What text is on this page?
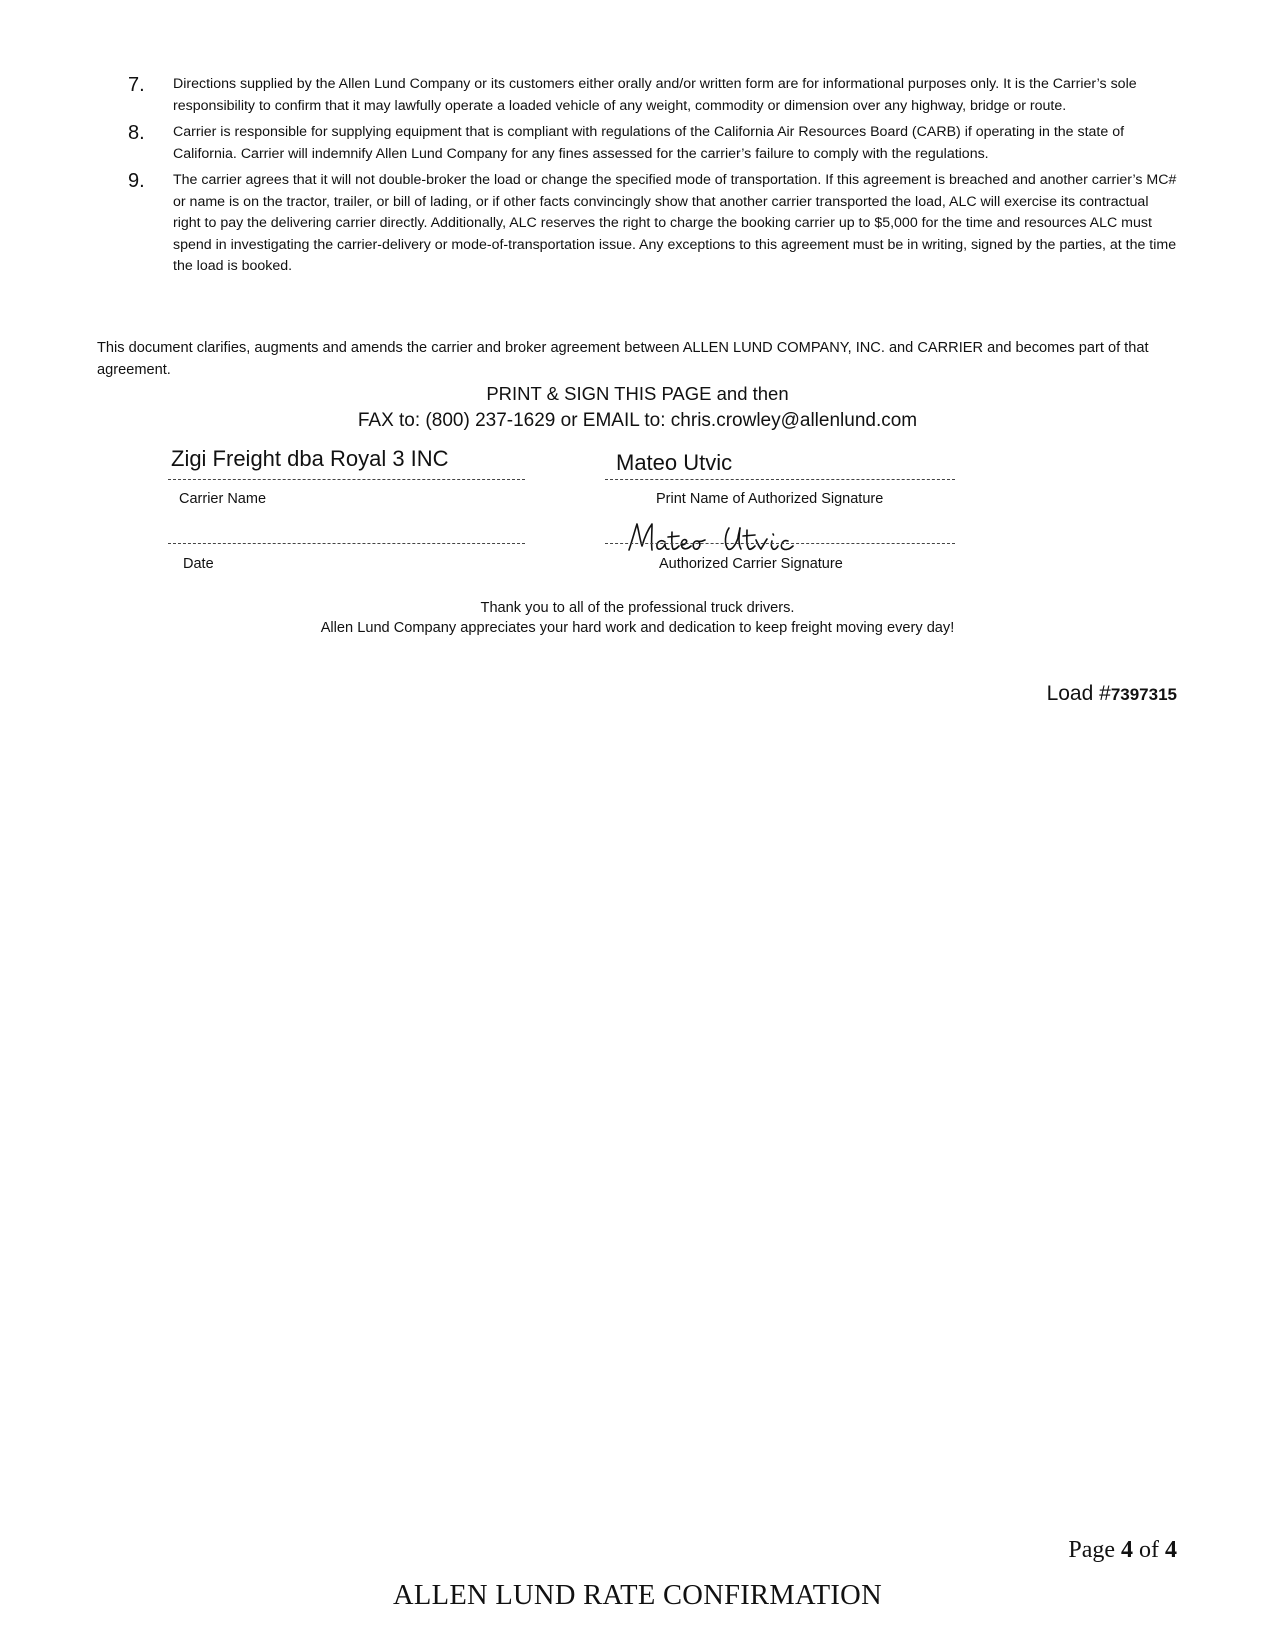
7.	Directions supplied by the Allen Lund Company or its customers either orally and/or written form are for informational purposes only. It is the Carrier’s sole responsibility to confirm that it may lawfully operate a loaded vehicle of any weight, commodity or dimension over any highway, bridge or route.

8.	Carrier is responsible for supplying equipment that is compliant with regulations of the California Air Resources Board (CARB) if operating in the state of California. Carrier will indemnify Allen Lund Company for any fines assessed for the carrier’s failure to comply with the regulations.

9.	The carrier agrees that it will not double-broker the load or change the specified mode of transportation. If this agreement is breached and another carrier’s MC# or name is on the tractor, trailer, or bill of lading, or if other facts convincingly show that another carrier transported the load, ALC will exercise its contractual right to pay the delivering carrier directly. Additionally, ALC reserves the right to charge the booking carrier up to $5,000 for the time and resources ALC must spend in investigating the carrier-delivery or mode-of-transportation issue. Any exceptions to this agreement must be in writing, signed by the parties, at the time the load is booked.

This document clarifies, augments and amends the carrier and broker agreement between ALLEN LUND COMPANY, INC. and CARRIER and becomes part of that agreement.

PRINT & SIGN THIS PAGE and then
FAX to: (800) 237-1629 or EMAIL to: chris.crowley@allenlund.com
Zigi Freight dba Royal 3 INC
Carrier Name
Mateo Utvic
Print Name of Authorized Signature
Date	Authorized Carrier Signature
Thank you to all of the professional truck drivers.
Allen Lund Company appreciates your hard work and dedication to keep freight moving every day!
Load #7397315
Page 4 of 4
ALLEN LUND RATE CONFIRMATION
